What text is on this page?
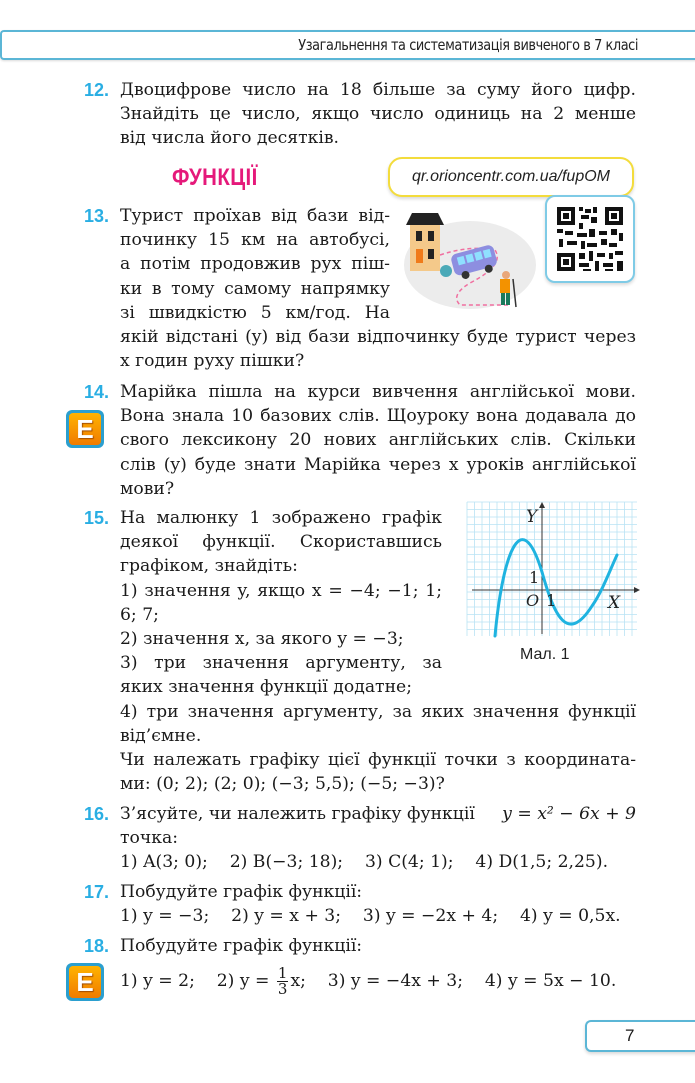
Узагальнення та систематизація вивченого в 7 класі
12. Двоцифрове число на 18 більше за суму його цифр.
Знайдіть це число, якщо число одиниць на 2 менше
від числа його десятків.
ФУНКЦІЇ	qr.orioncentr.com.ua/fupOM
13. Турист проїхав від бази від-
починку 15 км на автобусі,
а потім продовжив рух піш-
ки в тому самому напрямку
зі швидкістю 5 км/год. На
якій відстані (y) від бази відпочинку буде турист через
x годин руху пішки?
E
14. Марійка пішла на курси вивчення англійської мови.
Вона знала 10 базових слів. Щоуроку вона додавала до
свого лексикону 20 нових англійських слів. Скільки
слів (y) буде знати Марійка через x уроків англійської
мови?
15. На малюнку 1 зображено графік
деякої функції. Скориставшись
графіком, знайдіть:
1) значення y, якщо x = −4; −1; 1;
6; 7;
2) значення x, за якого y = −3;
3) три значення аргументу, за
яких значення функції додатне;
4) три значення аргументу, за яких значення функції
від’ємне.
Чи належать графіку цієї функції точки з координата-
ми: (0; 2); (2; 0); (−3; 5,5); (−5; −3)?
Y
X
O 1
1
Мал. 1
16. З’ясуйте, чи належить графіку функції y = x² − 6x + 9
точка:
1) A(3; 0); 2) B(−3; 18); 3) C(4; 1); 4) D(1,5; 2,25).
17. Побудуйте графік функції:
1) y = −3; 2) y = x + 3; 3) y = −2x + 4; 4) y = 0,5x.
E
18. Побудуйте графік функції:
1) y = 2; 2) $y = \frac{1}{3} x$; 3) y = −4x + 3; 4) y = 5x − 10.
7
